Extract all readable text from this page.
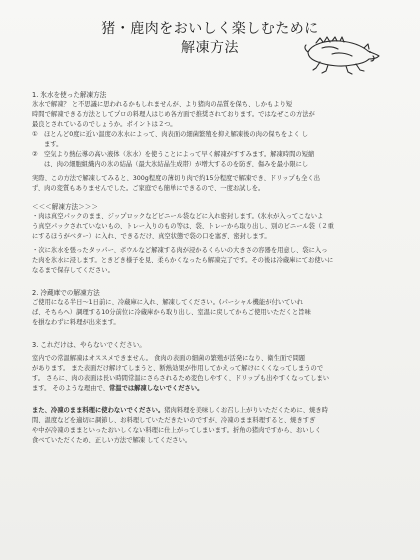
猪・鹿肉をおいしく楽しむために
解凍方法

1. 氷水を使った解凍方法

氷水で解凍？ と不思議に思われるかもしれませんが、より猪肉の品質を保ち、しかもより短

時間で解凍できる方法としてプロの料理人はじめ各方面で推奨されております。ではなぜこの方法が

最良とされているのでしょうか。ポイントは２つ。

① ほとんど0度に近い温度の氷水によって、肉表面の細菌繁殖を抑え解凍後の肉の保ちをよく し

ます。

② 空気より熱伝導の高い液体（氷水）を使うことによって早く解凍がすすみます。解凍時間の短縮

は、肉の細胞組織内の氷の結晶（最大氷結晶生成帯）が増大するのを防ぎ、傷みを最小限にし

実際、この方法で解凍してみると、300g程度の薄切り肉で約15分程度で解凍でき、ドリップも全く出

ず、肉の変質もありませんでした。ご家庭でも簡単にできるので、一度お試しを。

＜＜＜解凍方法＞＞＞

・肉は真空パックのまま、ジップロックなどビニール袋などに入れ密封します。(氷水が入ってこないよ

う真空パックされていないもの、トレー入りのもの等は、袋、トレーから取り出し、別のビニール袋（２重

にするほうがベター）に入れ、できるだけ、真空状態で袋の口を塞ぎ、密封します。

・次に氷水を張ったタッパー、ボウルなど解凍する肉が浸かるくらいの大きさの容器を用意し、袋に入っ

た肉を氷水に浸します。ときどき様子を見、柔らかくなったら解凍完了です。その後は冷蔵庫にてお使いに

なるまで保存してください。

2. 冷蔵庫での解凍方法

ご使用になる半日～1日前に、冷蔵庫に入れ、解凍してください。(パーシャル機能が付いていれ

ば、そちらへ）調理する10分前位に冷蔵庫から取り出し、室温に戻してからご使用いただくと旨味

を損なわずに料理が出来ます。

3. これだけは、やらないでください。

室内での常温解凍はオススメできません。 食肉の表面の細菌の繁殖が活発になり、衛生面で問題

があります。 また表面だけ解けてしまうと、断熱効果が作用してかえって解けにくくなってしまうので

す。 さらに、肉の表面は長い時間常温にさらされるため変色しやすく、ドリップも出やすくなってしまい

ます。 そのような理由で、常温では解凍しないでください。

また、冷凍のまま料理に使わないでください。猪肉料理を美味しくお召し上がりいただくために、焼き時

間、温度などを適切に調節し、お料理していただきたいのですが、冷凍のまま料理すると、焼きすぎ

や中が冷凍のままといったおいしくない料理に仕上がってしまいます。折角の猪肉ですから、おいしく

食べていただくため、正しい方法で解凍 してください。
